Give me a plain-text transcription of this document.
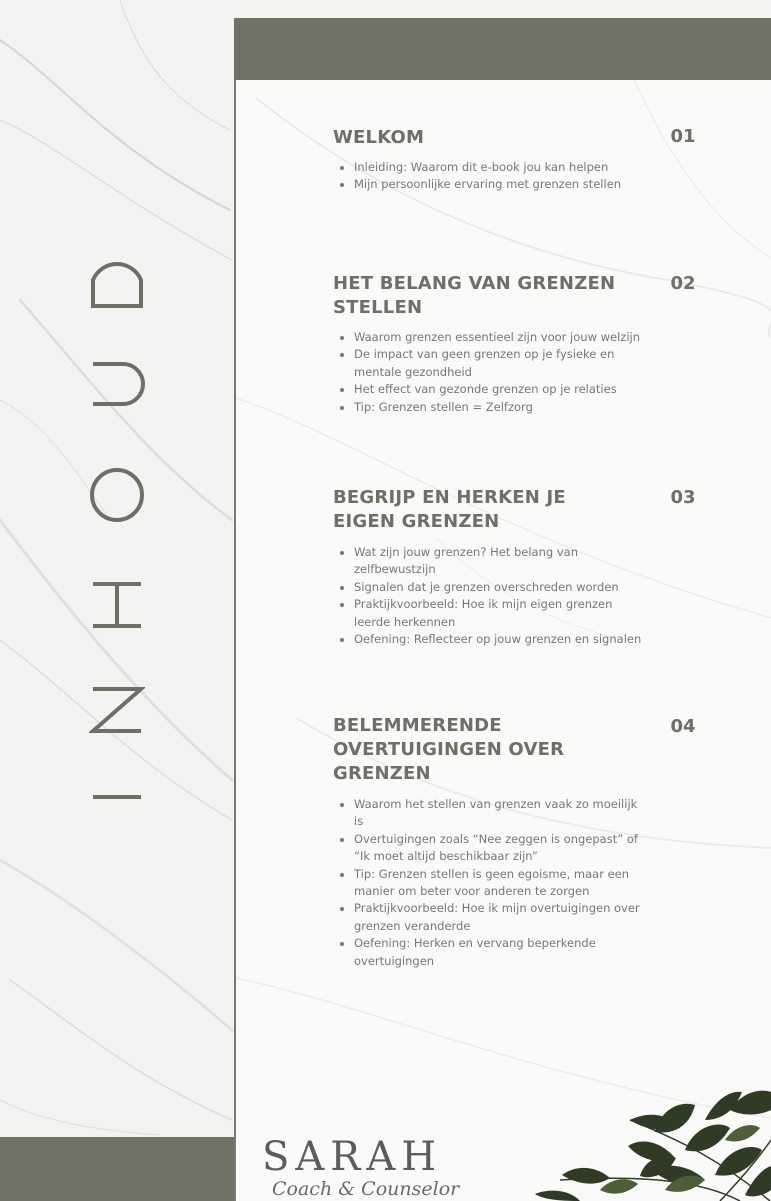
WELKOM	01
• Inleiding: Waarom dit e-book jou kan helpen
• Mijn persoonlijke ervaring met grenzen stellen
HET BELANG VAN GRENZEN STELLEN
02
• Waarom grenzen essentieel zijn voor jouw welzijn
• De impact van geen grenzen op je fysieke en mentale gezondheid
• Het effect van gezonde grenzen op je relaties
• Tip: Grenzen stellen = Zelfzorg
BEGRIJP EN HERKEN JE EIGEN GRENZEN
03
• Wat zijn jouw grenzen? Het belang van zelfbewustzijn
• Signalen dat je grenzen overschreden worden
• Praktijkvoorbeeld: Hoe ik mijn eigen grenzen leerde herkennen
• Oefening: Reflecteer op jouw grenzen en signalen
BELEMMERENDE OVERTUIGINGEN OVER GRENZEN
04
• Waarom het stellen van grenzen vaak zo moeilijk is
• Overtuigingen zoals “Nee zeggen is ongepast” of “Ik moet altijd beschikbaar zijn”
• Tip: Grenzen stellen is geen egoisme, maar een manier om beter voor anderen te zorgen
• Praktijkvoorbeeld: Hoe ik mijn overtuigingen over grenzen veranderde
• Oefening: Herken en vervang beperkende overtuigingen
SARAH
Coach & Counselor
